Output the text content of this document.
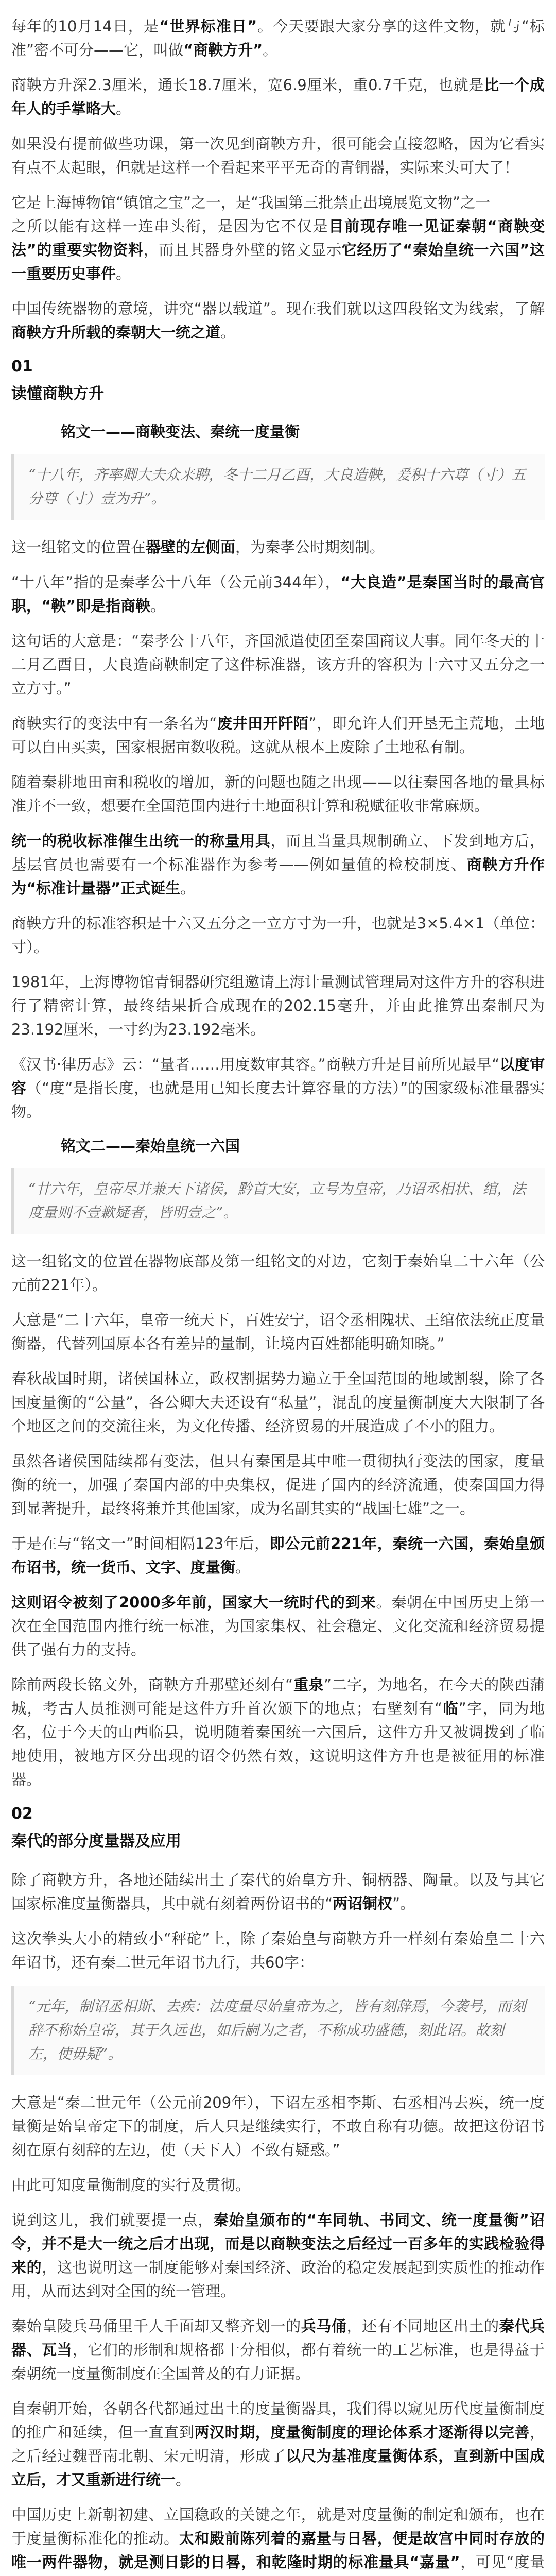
每年的10月14日，是“世界标准日”。今天要跟大家分享的这件文物，就与“标准”密不可分——它，叫做“商鞅方升”。

商鞅方升深2.3厘米，通长18.7厘米，宽6.9厘米，重0.7千克，也就是比一个成年人的手掌略大。

如果没有提前做些功课，第一次见到商鞅方升，很可能会直接忽略，因为它看实有点不太起眼，但就是这样一个看起来平平无奇的青铜器，实际来头可大了！

它是上海博物馆“镇馆之宝”之一，是“我国第三批禁止出境展览文物”之一
之所以能有这样一连串头衔，是因为它不仅是目前现存唯一见证秦朝“商鞅变法”的重要实物资料，而且其器身外壁的铭文显示它经历了“秦始皇统一六国”这一重要历史事件。

中国传统器物的意境，讲究“器以载道”。现在我们就以这四段铭文为线索，了解商鞅方升所载的秦朝大一统之道。

01
读懂商鞅方升
铭文一——商鞅变法、秦统一度量衡
“十八年，齐率卿大夫众来聘，冬十二月乙酉，大良造鞅，爰积十六尊（寸）五分尊（寸）壹为升”。

这一组铭文的位置在器壁的左侧面，为秦孝公时期刻制。

“十八年”指的是秦孝公十八年（公元前344年），“大良造”是秦国当时的最高官职，“鞅”即是指商鞅。

这句话的大意是：“秦孝公十八年，齐国派遣使团至秦国商议大事。同年冬天的十二月乙酉日，大良造商鞅制定了这件标准器，该方升的容积为十六寸又五分之一立方寸。”

商鞅实行的变法中有一条名为“废井田开阡陌”，即允许人们开垦无主荒地，土地可以自由买卖，国家根据亩数收税。这就从根本上废除了土地私有制。

随着秦耕地田亩和税收的增加，新的问题也随之出现——以往秦国各地的量具标准并不一致，想要在全国范围内进行土地面积计算和税赋征收非常麻烦。

统一的税收标准催生出统一的称量用具，而且当量具规制确立、下发到地方后，基层官员也需要有一个标准器作为参考——例如量值的检校制度、商鞅方升作为“标准计量器”正式诞生。

商鞅方升的标准容积是十六又五分之一立方寸为一升，也就是3×5.4×1（单位：寸）。

1981年，上海博物馆青铜器研究组邀请上海计量测试管理局对这件方升的容积进行了精密计算，最终结果折合成现在的202.15毫升，并由此推算出秦制尺为23.192厘米，一寸约为23.192毫米。

《汉书·律历志》云：“量者……用度数审其容。”商鞅方升是目前所见最早“以度审容（“度”是指长度，也就是用已知长度去计算容量的方法）”的国家级标准量器实物。

铭文二——秦始皇统一六国
“廿六年，皇帝尽并兼天下诸侯，黔首大安，立号为皇帝，乃诏丞相状、绾，法度量则不壹歉疑者，皆明壹之”。

这一组铭文的位置在器物底部及第一组铭文的对边，它刻于秦始皇二十六年（公元前221年）。

大意是“二十六年，皇帝一统天下，百姓安宁，诏令丞相隗状、王绾依法统正度量衡器，代替列国原本各有差异的量制，让境内百姓都能明确知晓。”

春秋战国时期，诸侯国林立，政权割据势力遍立于全国范围的地域割裂，除了各国度量衡的“公量”，各公卿大夫还设有“私量”，混乱的度量衡制度大大限制了各个地区之间的交流往来，为文化传播、经济贸易的开展造成了不小的阻力。

虽然各诸侯国陆续都有变法，但只有秦国是其中唯一贯彻执行变法的国家，度量衡的统一，加强了秦国内部的中央集权，促进了国内的经济流通，使秦国国力得到显著提升，最终将兼并其他国家，成为名副其实的“战国七雄”之一。

于是在与“铭文一”时间相隔123年后，即公元前221年，秦统一六国，秦始皇颁布诏书，统一货币、文字、度量衡。

这则诏令被刻了2000多年前，国家大一统时代的到来。秦朝在中国历史上第一次在全国范围内推行统一标准，为国家集权、社会稳定、文化交流和经济贸易提供了强有力的支持。

除前两段长铭文外，商鞅方升那壁还刻有“重泉”二字，为地名，在今天的陕西蒲城，考古人员推测可能是这件方升首次颁下的地点；右壁刻有“临”字，同为地名，位于今天的山西临县，说明随着秦国统一六国后，这件方升又被调拨到了临地使用，被地方区分出现的诏令仍然有效，这说明这件方升也是被征用的标准器。

02
秦代的部分度量器及应用

除了商鞅方升，各地还陆续出土了秦代的始皇方升、铜柄器、陶量。以及与其它国家标准度量衡器具，其中就有刻着两份诏书的“两诏铜权”。

这次拳头大小的精致小“秤砣”上，除了秦始皇与商鞅方升一样刻有秦始皇二十六年诏书，还有秦二世元年诏书九行，共60字：

“元年，制诏丞相斯、去疾：法度量尽始皇帝为之，皆有刻辞焉，今袭号，而刻辞不称始皇帝，其于久远也，如后嗣为之者，不称成功盛德，刻此诏。故刻左，使毋疑”。

大意是“秦二世元年（公元前209年），下诏左丞相李斯、右丞相冯去疾，统一度量衡是始皇帝定下的制度，后人只是继续实行，不敢自称有功德。故把这份诏书刻在原有刻辞的左边，使（天下人）不致有疑惑。”

由此可知度量衡制度的实行及贯彻。

说到这儿，我们就要提一点，秦始皇颁布的“车同轨、书同文、统一度量衡”诏令，并不是大一统之后才出现，而是以商鞅变法之后经过一百多年的实践检验得来的，这也说明这一制度能够对秦国经济、政治的稳定发展起到实质性的推动作用，从而达到对全国的统一管理。

秦始皇陵兵马俑里千人千面却又整齐划一的兵马俑，还有不同地区出土的秦代兵器、瓦当，它们的形制和规格都十分相似，都有着统一的工艺标准，也是得益于秦朝统一度量衡制度在全国普及的有力证据。

自秦朝开始，各朝各代都通过出土的度量衡器具，我们得以窥见历代度量衡制度的推广和延续，但一直直到两汉时期，度量衡制度的理论体系才逐渐得以完善，之后经过魏晋南北朝、宋元明清，形成了以尺为基准度量衡体系，直到新中国成立后，才又重新进行统一。

中国历史上新朝初建、立国稳政的关键之年，就是对度量衡的制定和颁布，也在于度量衡标准化的推动。太和殿前陈列着的嘉量与日晷，便是故宫中同时存放的唯一两件器物，就是测日影的日晷，和乾隆时期的标准量具“嘉量”，可见“度量
